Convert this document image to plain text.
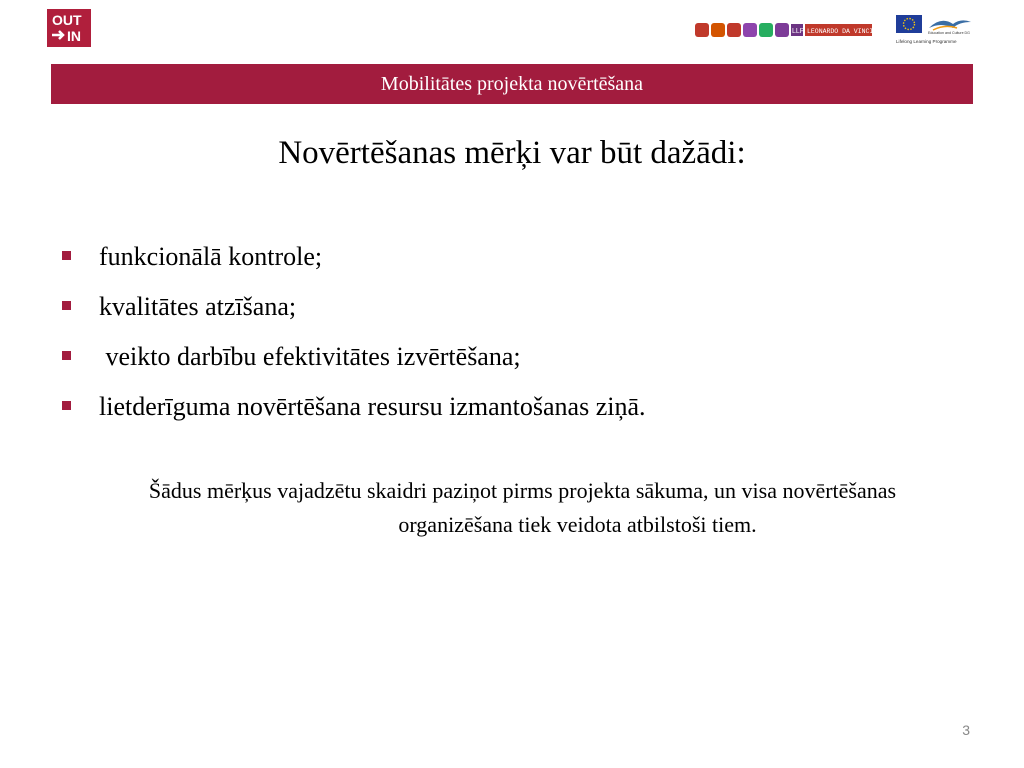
OUT
IN	LLP LEONARDO DA VINCI	Education and Culture DG
Lifelong Learning Programme
Mobilitātes projekta novērtēšana
Novērtēšanas mērķi var būt dažādi:
funkcionālā kontrole;
kvalitātes atzīšana;
veikto darbību efektivitātes izvērtēšana;
lietderīguma novērtēšana resursu izmantošanas ziņā.
Šādus mērķus vajadzētu skaidri paziņot pirms projekta sākuma, un visa novērtēšanas organizēšana tiek veidota atbilstoši tiem.
3
